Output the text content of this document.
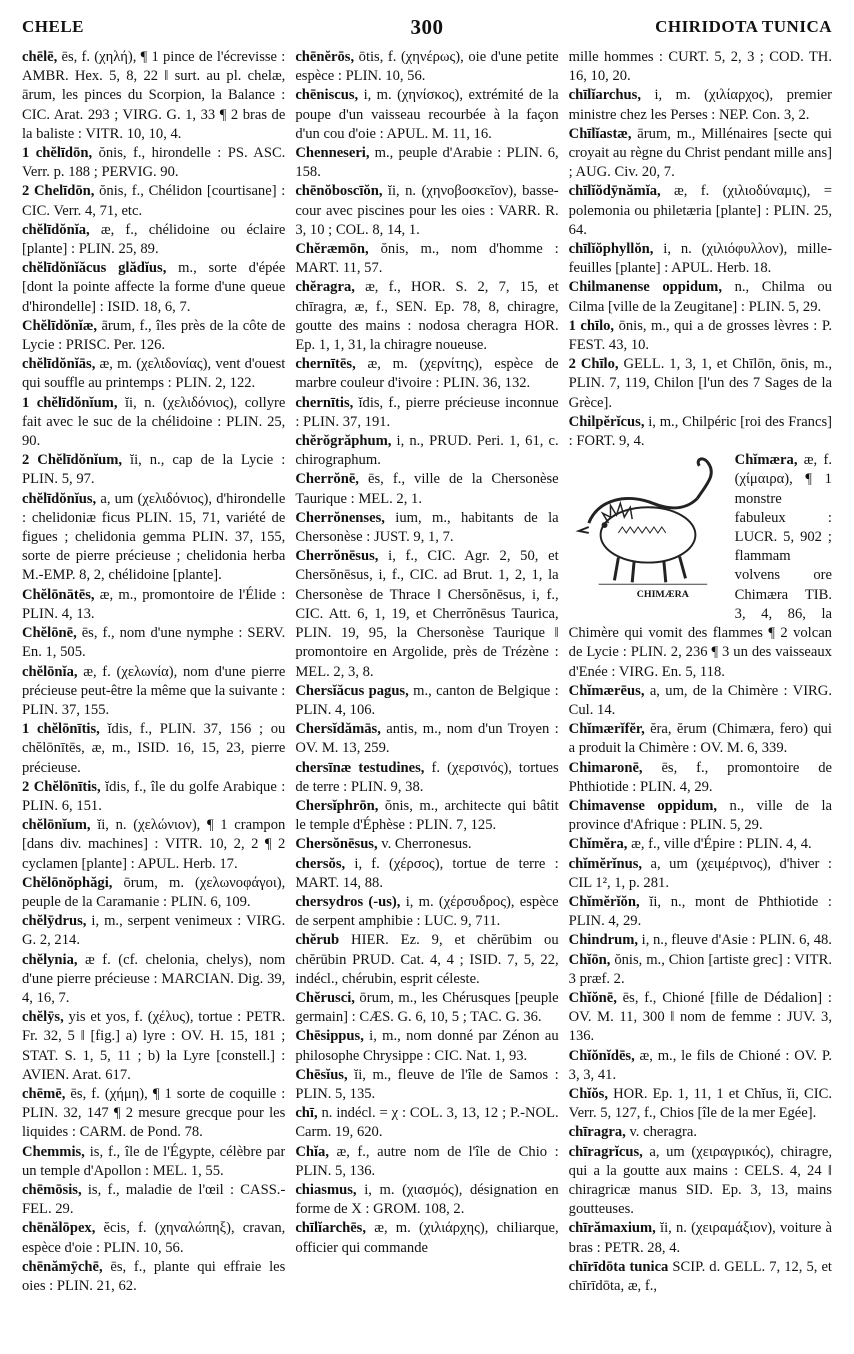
CHELE	300	CHIRIDOTA TUNICA

chēlē, ēs, f. (χηλή), ¶ 1 pince de l'écrevisse : AMBR. Hex. 5, 8, 22 ‖ surt. au pl. chelæ, ārum, les pinces du Scorpion, la Balance : CIC. Arat. 293 ; VIRG. G. 1, 33 ¶ 2 bras de la baliste : VITR. 10, 10, 4.

1 chĕlīdōn, ŏnis, f., hirondelle : PS. ASC. Verr. p. 188 ; PERVIG. 90.

2 Chelīdōn, ŏnis, f., Chélidon [courtisane] : CIC. Verr. 4, 71, etc.

chĕlīdŏnĭa, æ, f., chélidoine ou éclaire [plante] : PLIN. 25, 89.

chĕlīdŏnĭăcus glădĭus, m., sorte d'épée [dont la pointe affecte la forme d'une queue d'hirondelle] : ISID. 18, 6, 7.

Chĕlīdŏnĭæ, ārum, f., îles près de la côte de Lycie : PRISC. Per. 126.

chĕlīdŏnĭās, æ, m. (χελιδονίας), vent d'ouest qui souffle au printemps : PLIN. 2, 122.

1 chĕlīdŏnĭum, ĭi, n. (χελιδόνιος), collyre fait avec le suc de la chélidoine : PLIN. 25, 90.

2 Chĕlīdŏnĭum, ĭi, n., cap de la Lycie : PLIN. 5, 97.

chĕlīdŏnĭus, a, um (χελιδόνιος), d'hirondelle : chelidoniæ ficus PLIN. 15, 71, variété de figues ; chelidonia gemma PLIN. 37, 155, sorte de pierre précieuse ; chelidonia herba M.-EMP. 8, 2, chélidoine [plante].

Chĕlōnātēs, æ, m., promontoire de l'Élide : PLIN. 4, 13.

Chĕlōnē, ēs, f., nom d'une nymphe : SERV. En. 1, 505.

chĕlōnĭa, æ, f. (χελωνία), nom d'une pierre précieuse peut-être la même que la suivante : PLIN. 37, 155.

1 chĕlōnītis, ĭdis, f., PLIN. 37, 156 ; ou chĕlōnītēs, æ, m., ISID. 16, 15, 23, pierre précieuse.

2 Chĕlōnītis, ĭdis, f., île du golfe Arabique : PLIN. 6, 151.

chĕlōnĭum, ĭi, n. (χελώνιον), ¶ 1 crampon [dans div. machines] : VITR. 10, 2, 2 ¶ 2 cyclamen [plante] : APUL. Herb. 17.

Chĕlōnŏphăgi, ōrum, m. (χελωνοφάγοι), peuple de la Caramanie : PLIN. 6, 109.

chĕlȳdrus, i, m., serpent venimeux : VIRG. G. 2, 214.

chĕlynia, æ f. (cf. chelonia, chelys), nom d'une pierre précieuse : MARCIAN. Dig. 39, 4, 16, 7.

chĕlȳs, yis et yos, f. (χέλυς), tortue : PETR. Fr. 32, 5 ‖ [fig.] a) lyre : OV. H. 15, 181 ; STAT. S. 1, 5, 11 ; b) la Lyre [constell.] : AVIEN. Arat. 617.

chēmē, ēs, f. (χήμη), ¶ 1 sorte de coquille : PLIN. 32, 147 ¶ 2 mesure grecque pour les liquides : CARM. de Pond. 78.

Chemmis, is, f., île de l'Égypte, célèbre par un temple d'Apollon : MEL. 1, 55.

chēmōsis, is, f., maladie de l'œil : CASS.-FEL. 29.

chēnălōpex, ĕcis, f. (χηναλώπηξ), cravan, espèce d'oie : PLIN. 10, 56.

chēnămȳchē, ēs, f., plante qui effraie les oies : PLIN. 21, 62.

chēnĕrōs, ōtis, f. (χηνέρως), oie d'une petite espèce : PLIN. 10, 56.

chēniscus, i, m. (χηνίσκος), extrémité de la poupe d'un vaisseau recourbée à la façon d'un cou d'oie : APUL. M. 11, 16.

Chenneseri, m., peuple d'Arabie : PLIN. 6, 158.

chēnŏboscīŏn, ĭi, n. (χηνοβοσκεῖον), basse-cour avec piscines pour les oies : VARR. R. 3, 10 ; COL. 8, 14, 1.

Chĕræmōn, ŏnis, m., nom d'homme : MART. 11, 57.

chĕragra, æ, f., HOR. S. 2, 7, 15, et chīragra, æ, f., SEN. Ep. 78, 8, chiragre, goutte des mains : nodosa cheragra HOR. Ep. 1, 1, 31, la chiragre noueuse.

chernītēs, æ, m. (χερνίτης), espèce de marbre couleur d'ivoire : PLIN. 36, 132.

chernītis, ĭdis, f., pierre précieuse inconnue : PLIN. 37, 191.

chĕrŏgrăphum, i, n., PRUD. Peri. 1, 61, c. chirographum.

Cherrŏnē, ēs, f., ville de la Chersonèse Taurique : MEL. 2, 1.

Cherrŏnenses, ium, m., habitants de la Chersonèse : JUST. 9, 1, 7.

Cherrŏnēsus, i, f., CIC. Agr. 2, 50, et Chersŏnēsus, i, f., CIC. ad Brut. 1, 2, 1, la Chersonèse de Thrace ‖ Chersŏnēsus, i, f., CIC. Att. 6, 1, 19, et Cherrŏnēsus Taurica, PLIN. 19, 95, la Chersonèse Taurique ‖ promontoire en Argolide, près de Trézène : MEL. 2, 3, 8.

Chersĭăcus pagus, m., canton de Belgique : PLIN. 4, 106.

Chersĭdămās, antis, m., nom d'un Troyen : OV. M. 13, 259.

chersīnæ testudines, f. (χερσινός), tortues de terre : PLIN. 9, 38.

Chersĭphrōn, ŏnis, m., architecte qui bâtit le temple d'Éphèse : PLIN. 7, 125.

Chersŏnēsus, v. Cherronesus.

chersŏs, i, f. (χέρσος), tortue de terre : MART. 14, 88.

chersydros (-us), i, m. (χέρσυδρος), espèce de serpent amphibie : LUC. 9, 711.

chĕrub HIER. Ez. 9, et chĕrūbim ou chĕrūbin PRUD. Cat. 4, 4 ; ISID. 7, 5, 22, indécl., chérubin, esprit céleste.

Chĕrusci, ōrum, m., les Chérusques [peuple germain] : CÆS. G. 6, 10, 5 ; TAC. G. 36.

Chēsippus, i, m., nom donné par Zénon au philosophe Chrysippe : CIC. Nat. 1, 93.

Chēsĭus, ĭi, m., fleuve de l'île de Samos : PLIN. 5, 135.

chī, n. indécl. = χ : COL. 3, 13, 12 ; P.-NOL. Carm. 19, 620.

Chĭa, æ, f., autre nom de l'île de Chio : PLIN. 5, 136.

chiasmus, i, m. (χιασμός), désignation en forme de X : GROM. 108, 2.

chīlĭarchēs, æ, m. (χιλιάρχης), chiliarque, officier qui commande

mille hommes : CURT. 5, 2, 3 ; COD. TH. 16, 10, 20.

chīlĭarchus, i, m. (χιλίαρχος), premier ministre chez les Perses : NEP. Con. 3, 2.

Chīlĭastæ, ārum, m., Millénaires [secte qui croyait au règne du Christ pendant mille ans] ; AUG. Civ. 20, 7.

chīlĭŏdȳnămĭa, æ, f. (χιλιοδύναμις), = polemonia ou philetæria [plante] : PLIN. 25, 64.

chīlĭŏphyllŏn, i, n. (χιλιόφυλλον), mille-feuilles [plante] : APUL. Herb. 18.

Chilmanense oppidum, n., Chilma ou Cilma [ville de la Zeugitane] : PLIN. 5, 29.

1 chīlo, ōnis, m., qui a de grosses lèvres : P. FEST. 43, 10.

2 Chīlo, GELL. 1, 3, 1, et Chīlōn, ōnis, m., PLIN. 7, 119, Chilon [l'un des 7 Sages de la Grèce].

Chilpĕrĭcus, i, m., Chilpéric [roi des Francs] : FORT. 9, 4.

CHIMÆRA
Chĭmæra, æ, f. (χίμαιρα), ¶ 1 monstre fabuleux : LUCR. 5, 902 ; flammam volvens ore Chimæra TIB. 3, 4, 86, la Chimère qui vomit des flammes ¶ 2 volcan de Lycie : PLIN. 2, 236 ¶ 3 un des vaisseaux d'Enée : VIRG. En. 5, 118.

Chĭmærēus, a, um, de la Chimère : VIRG. Cul. 14.

Chĭmærĭfĕr, ĕra, ĕrum (Chimæra, fero) qui a produit la Chimère : OV. M. 6, 339.

Chimaronē, ēs, f., promontoire de Phthiotide : PLIN. 4, 29.

Chimavense oppidum, n., ville de la province d'Afrique : PLIN. 5, 29.

Chĭmĕra, æ, f., ville d'Épire : PLIN. 4, 4.

chĭmĕrĭnus, a, um (χειμέρινος), d'hiver : CIL 1², 1, p. 281.

Chĭmĕrĭŏn, ĭi, n., mont de Phthiotide : PLIN. 4, 29.

Chindrum, i, n., fleuve d'Asie : PLIN. 6, 48.

Chĭōn, ŏnis, m., Chion [artiste grec] : VITR. 3 præf. 2.

Chĭŏnē, ēs, f., Chioné [fille de Dédalion] : OV. M. 11, 300 ‖ nom de femme : JUV. 3, 136.

Chĭŏnĭdēs, æ, m., le fils de Chioné : OV. P. 3, 3, 41.

Chĭŏs, HOR. Ep. 1, 11, 1 et Chĭus, ĭi, CIC. Verr. 5, 127, f., Chios [île de la mer Egée].

chīragra, v. cheragra.

chīragrĭcus, a, um (χειραγρικός), chiragre, qui a la goutte aux mains : CELS. 4, 24 ‖ chiragricæ manus SID. Ep. 3, 13, mains goutteuses.

chīrămaxium, ĭi, n. (χειραμάξιον), voiture à bras : PETR. 28, 4.

chīrīdōta tunica SCIP. d. GELL. 7, 12, 5, et chīrīdōta, æ, f.,
